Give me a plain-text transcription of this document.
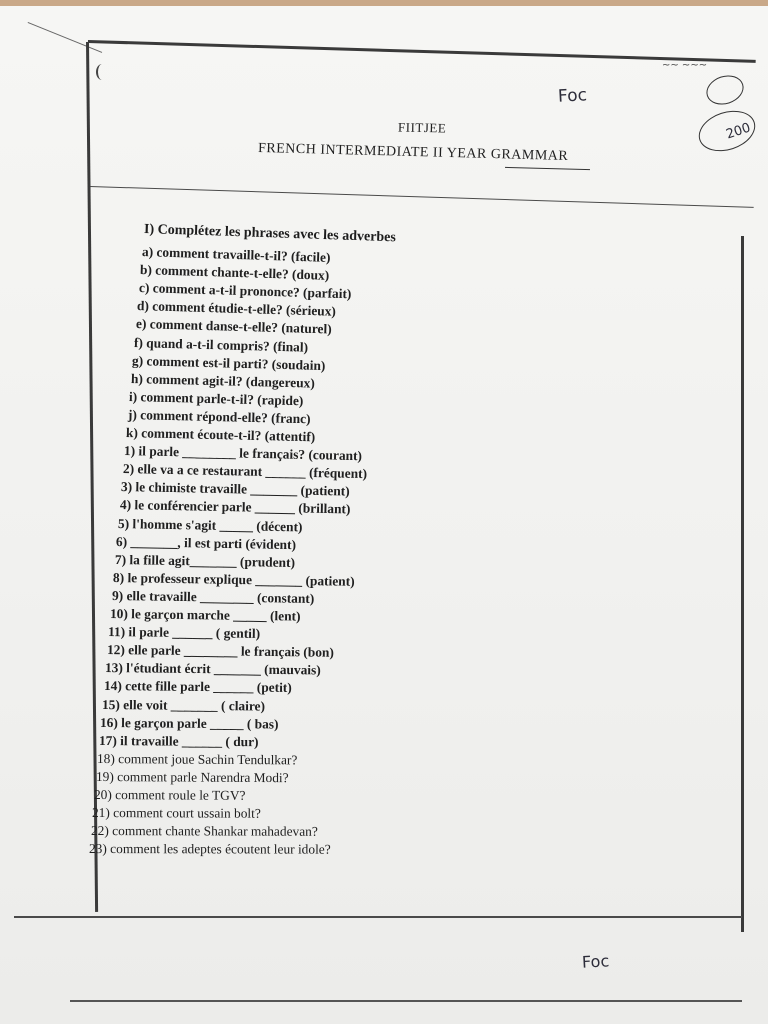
~~ ~~~
200
Foc
Foc
FIITJEE
FRENCH INTERMEDIATE II YEAR GRAMMAR
I) Complétez les phrases avec les adverbes
a) comment travaille-t-il? (facile)
b) comment chante-t-elle? (doux)
c) comment a-t-il prononce? (parfait)
d) comment étudie-t-elle? (sérieux)
e) comment danse-t-elle? (naturel)
f) quand a-t-il compris? (final)
g) comment est-il parti? (soudain)
h) comment agit-il? (dangereux)
i) comment parle-t-il? (rapide)
j) comment répond-elle? (franc)
k) comment écoute-t-il? (attentif)
1) il parle ________ le français? (courant)
2) elle va a ce restaurant ______ (fréquent)
3) le chimiste travaille _______ (patient)
4) le conférencier parle ______ (brillant)
5) l'homme s'agit _____ (décent)
6) _______, il est parti (évident)
7) la fille agit_______ (prudent)
8) le professeur explique _______ (patient)
9) elle travaille ________ (constant)
10) le garçon marche _____ (lent)
11) il parle ______ ( gentil)
12) elle parle ________ le français (bon)
13) l'étudiant écrit _______ (mauvais)
14) cette fille parle ______ (petit)
15) elle voit _______ ( claire)
16) le garçon parle _____ ( bas)
17) il travaille ______ ( dur)
18) comment joue Sachin Tendulkar?
19) comment parle Narendra Modi?
20) comment roule le TGV?
21) comment court ussain bolt?
22) comment chante Shankar mahadevan?
23) comment les adeptes écoutent leur idole?
